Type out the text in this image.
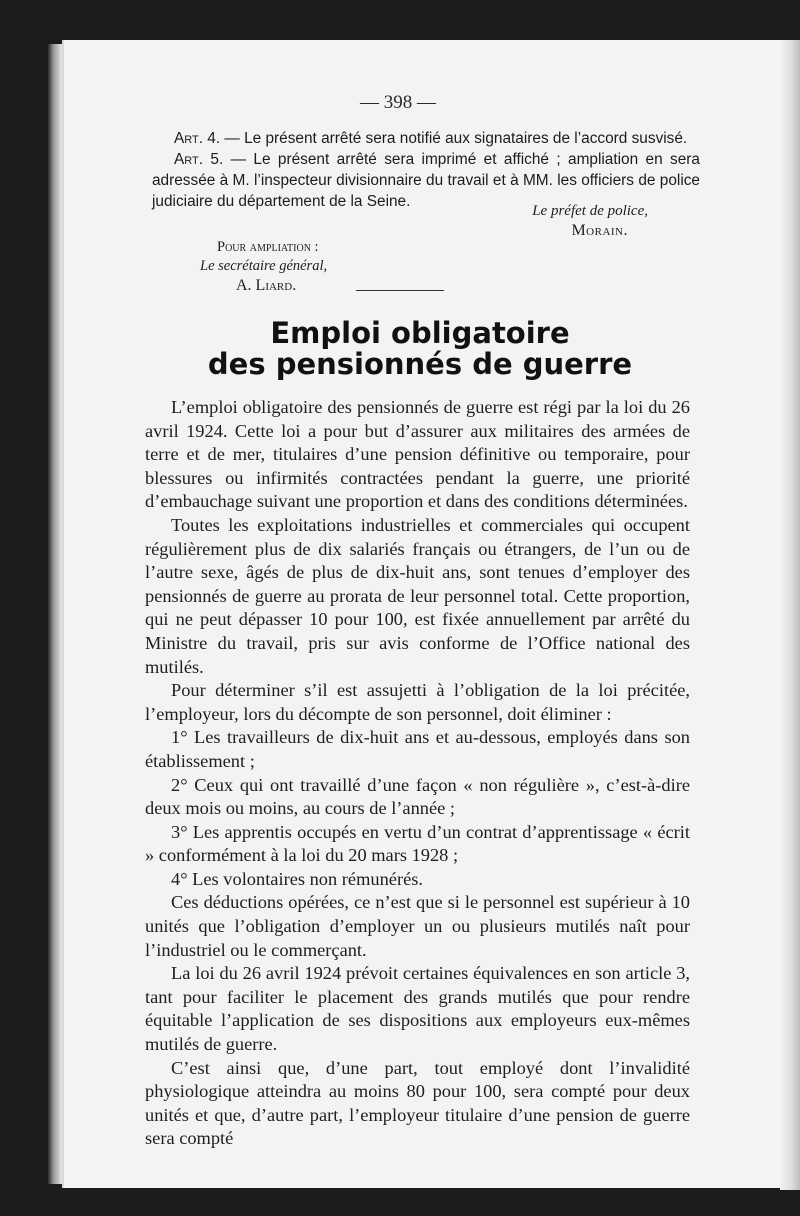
— 398 —
Art. 4. — Le présent arrêté sera notifié aux signataires de l’accord susvisé.
Art. 5. — Le présent arrêté sera imprimé et affiché ; ampliation en sera adressée à M. l’inspecteur divisionnaire du travail et à MM. les officiers de police judiciaire du département de la Seine.
Le préfet de police,
Morain.
Pour ampliation :
Le secrétaire général,
A. Liard.
Emploi obligatoire
des pensionnés de guerre

L’emploi obligatoire des pensionnés de guerre est régi par la loi du 26 avril 1924. Cette loi a pour but d’assurer aux militaires des armées de terre et de mer, titulaires d’une pension définitive ou temporaire, pour blessures ou infirmités contractées pendant la guerre, une priorité d’embauchage suivant une proportion et dans des conditions déterminées.

Toutes les exploitations industrielles et commerciales qui occupent régulièrement plus de dix salariés français ou étrangers, de l’un ou de l’autre sexe, âgés de plus de dix-huit ans, sont tenues d’employer des pensionnés de guerre au prorata de leur personnel total. Cette proportion, qui ne peut dépasser 10 pour 100, est fixée annuellement par arrêté du Ministre du travail, pris sur avis conforme de l’Office national des mutilés.

Pour déterminer s’il est assujetti à l’obligation de la loi précitée, l’employeur, lors du décompte de son personnel, doit éliminer :

1° Les travailleurs de dix-huit ans et au-dessous, employés dans son établissement ;

2° Ceux qui ont travaillé d’une façon « non régulière », c’est-à-dire deux mois ou moins, au cours de l’année ;

3° Les apprentis occupés en vertu d’un contrat d’apprentissage « écrit » conformément à la loi du 20 mars 1928 ;

4° Les volontaires non rémunérés.

Ces déductions opérées, ce n’est que si le personnel est supérieur à 10 unités que l’obligation d’employer un ou plusieurs mutilés naît pour l’industriel ou le commerçant.

La loi du 26 avril 1924 prévoit certaines équivalences en son article 3, tant pour faciliter le placement des grands mutilés que pour rendre équitable l’application de ses dispositions aux employeurs eux-mêmes mutilés de guerre.

C’est ainsi que, d’une part, tout employé dont l’invalidité physiologique atteindra au moins 80 pour 100, sera compté pour deux unités et que, d’autre part, l’employeur titulaire d’une pension de guerre sera compté
